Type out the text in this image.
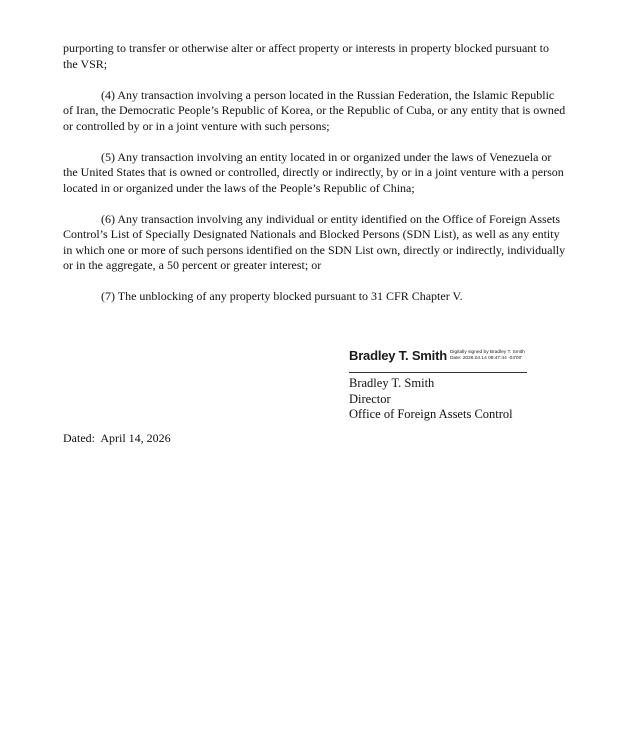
purporting to transfer or otherwise alter or affect property or interests in property blocked pursuant to the VSR;

(4) Any transaction involving a person located in the Russian Federation, the Islamic Republic of Iran, the Democratic People’s Republic of Korea, or the Republic of Cuba, or any entity that is owned or controlled by or in a joint venture with such persons;

(5) Any transaction involving an entity located in or organized under the laws of Venezuela or the United States that is owned or controlled, directly or indirectly, by or in a joint venture with a person located in or organized under the laws of the People’s Republic of China;

(6) Any transaction involving any individual or entity identified on the Office of Foreign Assets Control’s List of Specially Designated Nationals and Blocked Persons (SDN List), as well as any entity in which one or more of such persons identified on the SDN List own, directly or indirectly, individually or in the aggregate, a 50 percent or greater interest; or

(7) The unblocking of any property blocked pursuant to 31 CFR Chapter V.

Bradley T. Smith Digitally signed by Bradley T. Smith
Date: 2026.04.14 08:47:44 -04'00'
Bradley T. Smith
Director
Office of Foreign Assets Control
Dated:  April 14, 2026
